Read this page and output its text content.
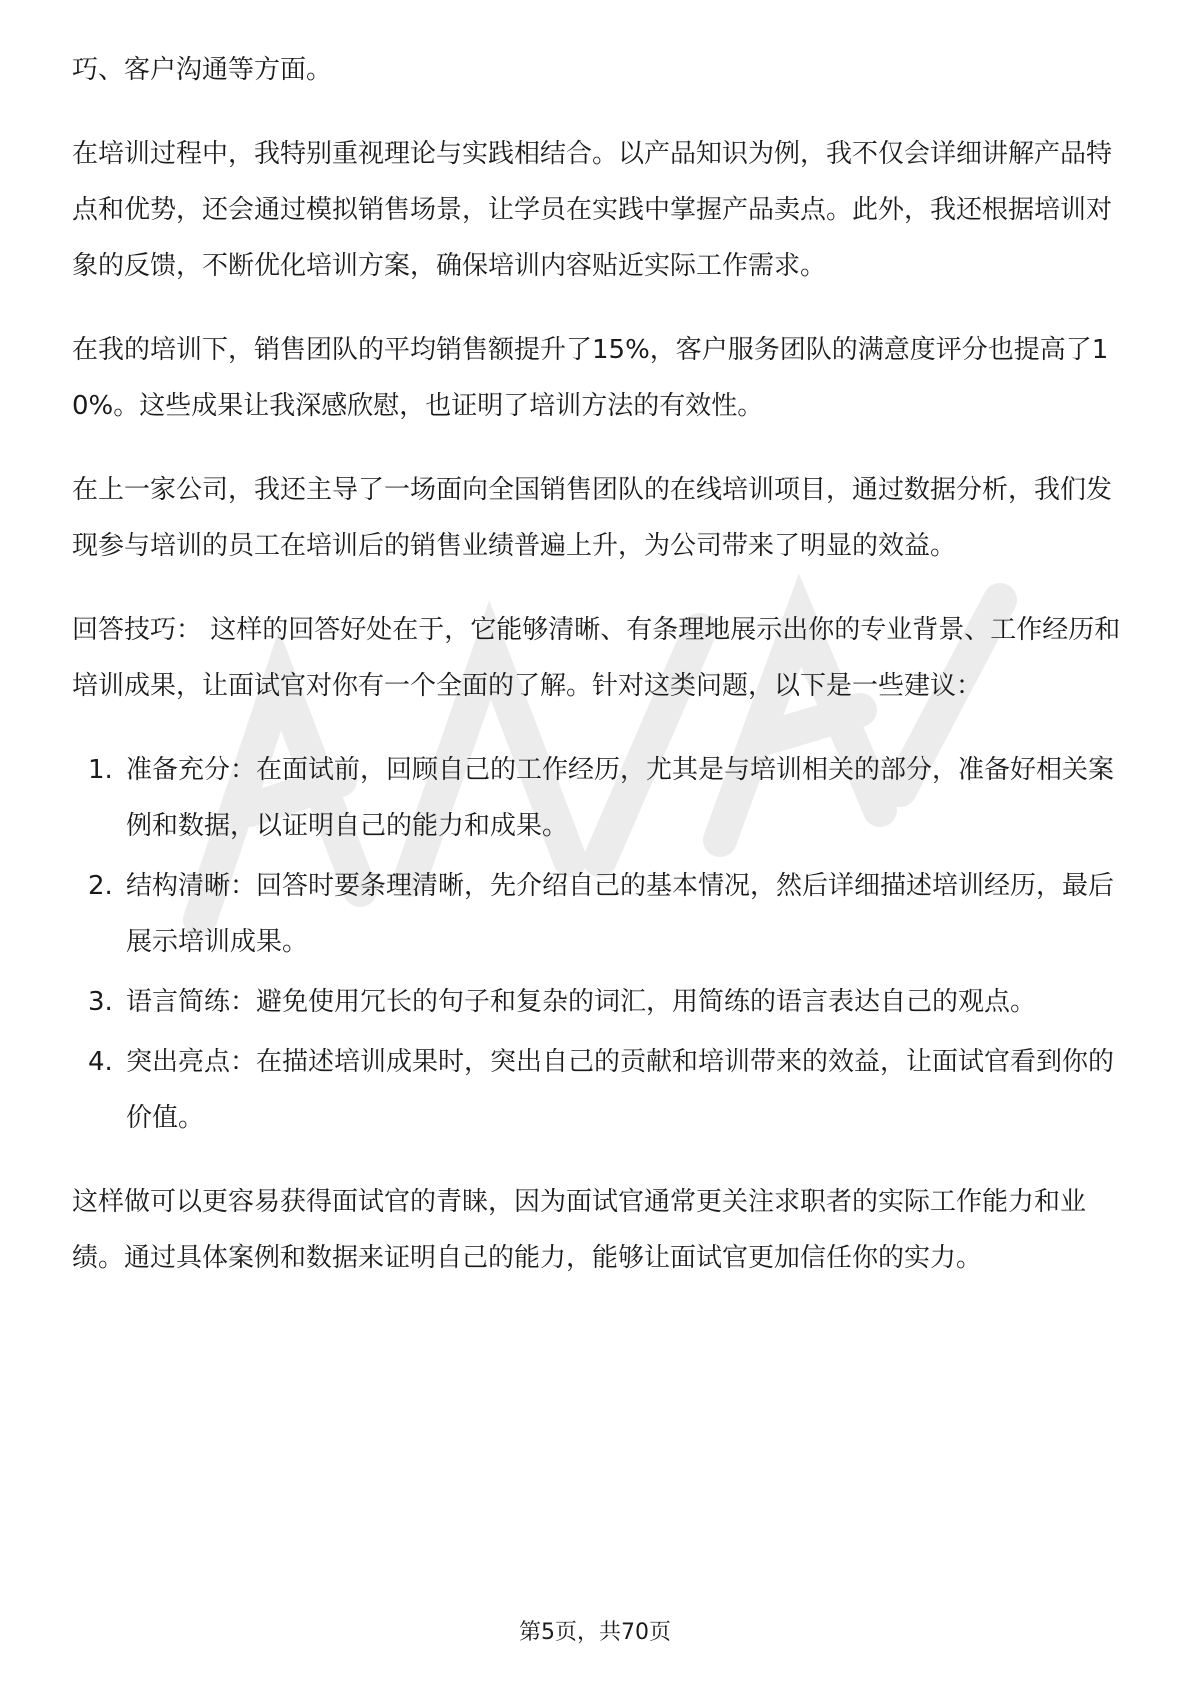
巧、客户沟通等方面。

在培训过程中，我特别重视理论与实践相结合。以产品知识为例，我不仅会详细讲解产品特点和优势，还会通过模拟销售场景，让学员在实践中掌握产品卖点。此外，我还根据培训对象的反馈，不断优化培训方案，确保培训内容贴近实际工作需求。

在我的培训下，销售团队的平均销售额提升了15%，客户服务团队的满意度评分也提高了10%。这些成果让我深感欣慰，也证明了培训方法的有效性。

在上一家公司，我还主导了一场面向全国销售团队的在线培训项目，通过数据分析，我们发现参与培训的员工在培训后的销售业绩普遍上升，为公司带来了明显的效益。

回答技巧： 这样的回答好处在于，它能够清晰、有条理地展示出你的专业背景、工作经历和培训成果，让面试官对你有一个全面的了解。针对这类问题，以下是一些建议：

1. 准备充分：在面试前，回顾自己的工作经历，尤其是与培训相关的部分，准备好相关案例和数据，以证明自己的能力和成果。
2. 结构清晰：回答时要条理清晰，先介绍自己的基本情况，然后详细描述培训经历，最后展示培训成果。
3. 语言简练：避免使用冗长的句子和复杂的词汇，用简练的语言表达自己的观点。
4. 突出亮点：在描述培训成果时，突出自己的贡献和培训带来的效益，让面试官看到你的价值。

这样做可以更容易获得面试官的青睐，因为面试官通常更关注求职者的实际工作能力和业绩。通过具体案例和数据来证明自己的能力，能够让面试官更加信任你的实力。

第5页，共70页
